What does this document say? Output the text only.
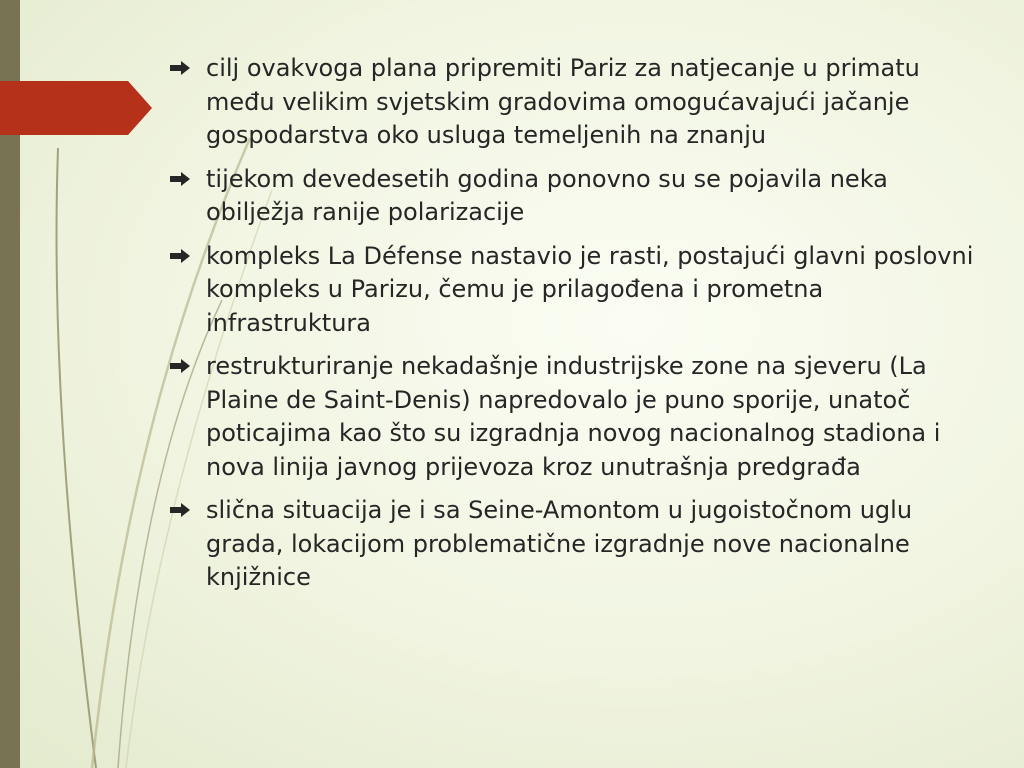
cilj ovakvoga plana pripremiti Pariz za natjecanje u primatu među velikim svjetskim gradovima omogućavajući jačanje gospodarstva oko usluga temeljenih na znanju
tijekom devedesetih godina ponovno su se pojavila neka obilježja ranije polarizacije
kompleks La Défense nastavio je rasti, postajući glavni poslovni kompleks u Parizu, čemu je prilagođena i prometna infrastruktura
restrukturiranje nekadašnje industrijske zone na sjeveru (La Plaine de Saint-Denis) napredovalo je puno sporije, unatoč poticajima kao što su izgradnja novog nacionalnog stadiona i nova linija javnog prijevoza kroz unutrašnja predgrađa
slična situacija je i sa Seine-Amontom u jugoistočnom uglu grada, lokacijom problematične izgradnje nove nacionalne knjižnice
